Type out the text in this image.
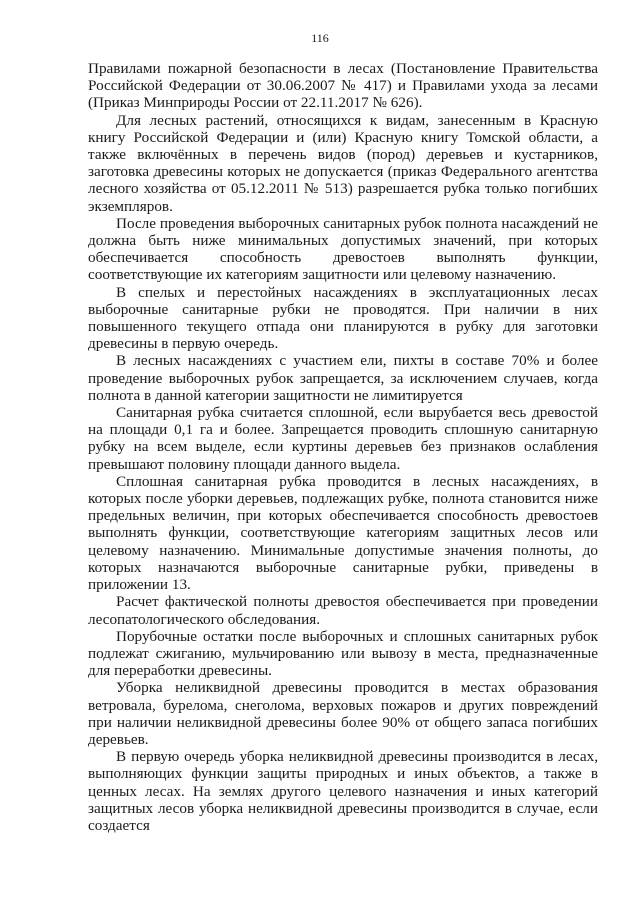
116

Правилами пожарной безопасности в лесах (Постановление Правительства Российской Федерации от 30.06.2007 № 417) и Правилами ухода за лесами (Приказ Минприроды России от 22.11.2017 № 626).

Для лесных растений, относящихся к видам, занесенным в Красную книгу Российской Федерации и (или) Красную книгу Томской области, а также включённых в перечень видов (пород) деревьев и кустарников, заготовка древесины которых не допускается (приказ Федерального агентства лесного хозяйства от 05.12.2011 № 513) разрешается рубка только погибших экземпляров.

После проведения выборочных санитарных рубок полнота насаждений не должна быть ниже минимальных допустимых значений, при которых обеспечивается способность древостоев выполнять функции, соответствующие их категориям защитности или целевому назначению.

В спелых и перестойных насаждениях в эксплуатационных лесах выборочные санитарные рубки не проводятся. При наличии в них повышенного текущего отпада они планируются в рубку для заготовки древесины в первую очередь.

В лесных насаждениях с участием ели, пихты в составе 70% и более проведение выборочных рубок запрещается, за исключением случаев, когда полнота в данной категории защитности не лимитируется

Санитарная рубка считается сплошной, если вырубается весь древостой на площади 0,1 га и более. Запрещается проводить сплошную санитарную рубку на всем выделе, если куртины деревьев без признаков ослабления превышают половину площади данного выдела.

Сплошная санитарная рубка проводится в лесных насаждениях, в которых после уборки деревьев, подлежащих рубке, полнота становится ниже предельных величин, при которых обеспечивается способность древостоев выполнять функции, соответствующие категориям защитных лесов или целевому назначению. Минимальные допустимые значения полноты, до которых назначаются выборочные санитарные рубки, приведены в приложении 13.

Расчет фактической полноты древостоя обеспечивается при проведении лесопатологического обследования.

Порубочные остатки после выборочных и сплошных санитарных рубок подлежат сжиганию, мульчированию или вывозу в места, предназначенные для переработки древесины.

Уборка неликвидной древесины проводится в местах образования ветровала, бурелома, снеголома, верховых пожаров и других повреждений при наличии неликвидной древесины более 90% от общего запаса погибших деревьев.

В первую очередь уборка неликвидной древесины производится в лесах, выполняющих функции защиты природных и иных объектов, а также в ценных лесах. На землях другого целевого назначения и иных категорий защитных лесов уборка неликвидной древесины производится в случае, если создается
